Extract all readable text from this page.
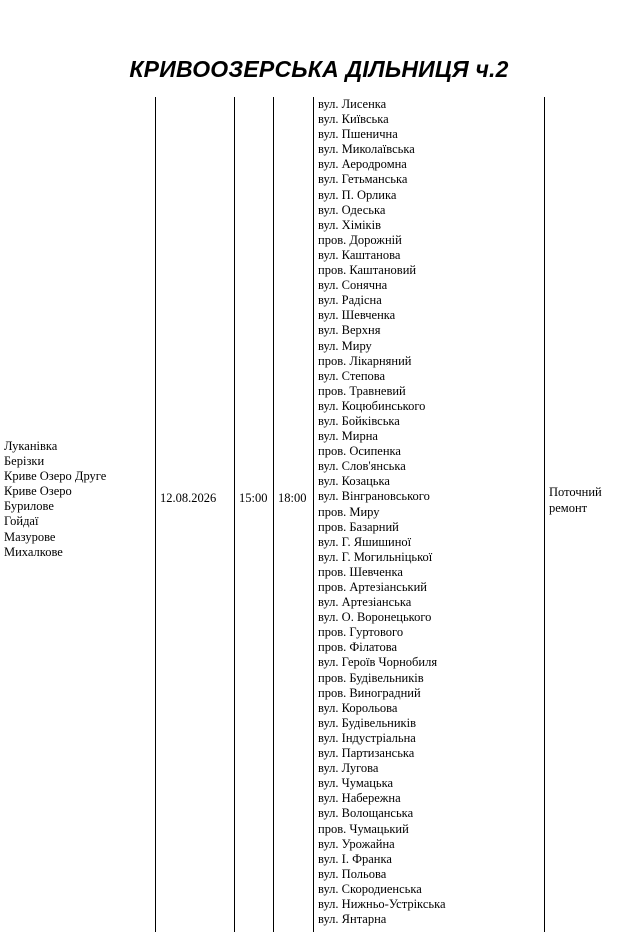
КРИВООЗЕРСЬКА ДІЛЬНИЦЯ ч.2
Луканівка
Берізки
Криве Озеро Друге
Криве Озеро
Бурилове
Гойдаї
Мазурове
Михалкове
12.08.2026 15:00 18:00
вул. Лисенка
вул. Київська
вул. Пшенична
вул. Миколаївська
вул. Аеродромна
вул. Гетьманська
вул. П. Орлика
вул. Одеська
вул. Хіміків
пров. Дорожній
вул. Каштанова
пров. Каштановий
вул. Сонячна
вул. Радісна
вул. Шевченка
вул. Верхня
вул. Миру
пров. Лікарняний
вул. Степова
пров. Травневий
вул. Коцюбинського
вул. Бойківська
вул. Мирна
пров. Осипенка
вул. Слов'янська
вул. Козацька
вул. Вінграновського
пров. Миру
пров. Базарний
вул. Г. Яшишиної
вул. Г. Могильніцької
пров. Шевченка
пров. Артезіанський
вул. Артезіанська
вул. О. Воронецького
пров. Гуртового
пров. Філатова
вул. Героїв Чорнобиля
пров. Будівельників
пров. Виноградний
вул. Корольова
вул. Будівельників
вул. Індустріальна
вул. Партизанська
вул. Лугова
вул. Чумацька
вул. Набережна
вул. Волощанська
пров. Чумацький
вул. Урожайна
вул. І. Франка
вул. Польова
вул. Скородиенська
вул. Нижньо-Устрікська
вул. Янтарна
Поточний ремонт
